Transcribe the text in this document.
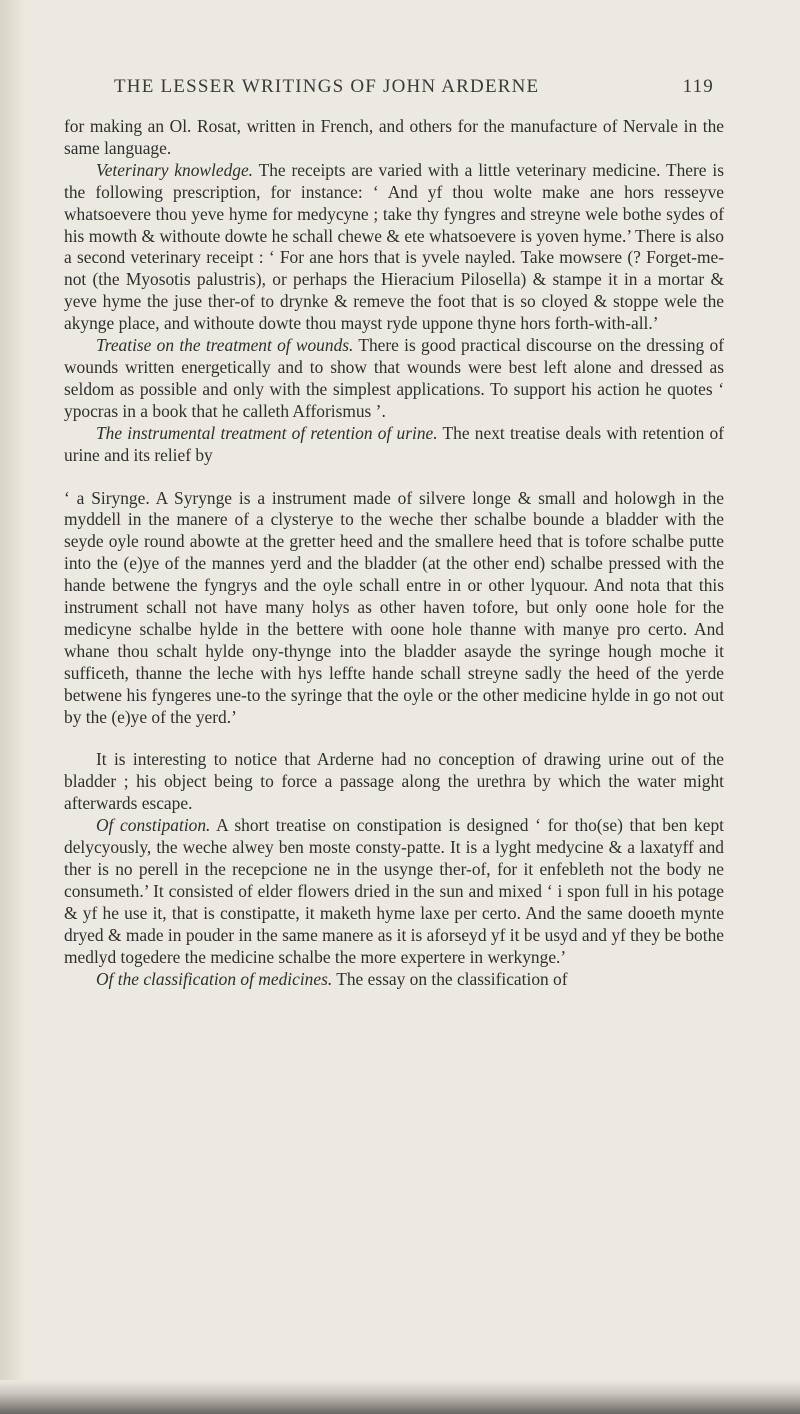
THE LESSER WRITINGS OF JOHN ARDERNE	119

for making an Ol. Rosat, written in French, and others for the manufacture of Nervale in the same language.

Veterinary knowledge. The receipts are varied with a little veterinary medicine. There is the following prescription, for instance: ‘ And yf thou wolte make ane hors resseyve whatsoevere thou yeve hyme for medycyne ; take thy fyngres and streyne wele bothe sydes of his mowth & withoute dowte he schall chewe & ete whatsoevere is yoven hyme.’ There is also a second veterinary receipt : ‘ For ane hors that is yvele nayled. Take mowsere (? Forget-me-not (the Myosotis palustris), or perhaps the Hieracium Pilosella) & stampe it in a mortar & yeve hyme the juse ther-of to drynke & remeve the foot that is so cloyed & stoppe wele the akynge place, and withoute dowte thou mayst ryde uppone thyne hors forth-with-all.’

Treatise on the treatment of wounds. There is good practical discourse on the dressing of wounds written energetically and to show that wounds were best left alone and dressed as seldom as possible and only with the simplest applications. To support his action he quotes ‘ ypocras in a book that he calleth Afforismus ’.

The instrumental treatment of retention of urine. The next treatise deals with retention of urine and its relief by

‘ a Sirynge. A Syrynge is a instrument made of silvere longe & small and holowgh in the myddell in the manere of a clysterye to the weche ther schalbe bounde a bladder with the seyde oyle round abowte at the gretter heed and the smallere heed that is tofore schalbe putte into the (e)ye of the mannes yerd and the bladder (at the other end) schalbe pressed with the hande betwene the fyngrys and the oyle schall entre in or other lyquour. And nota that this instrument schall not have many holys as other haven tofore, but only oone hole for the medicyne schalbe hylde in the bettere with oone hole thanne with manye pro certo. And whane thou schalt hylde ony-thynge into the bladder asayde the syringe hough moche it sufficeth, thanne the leche with hys leffte hande schall streyne sadly the heed of the yerde betwene his fyngeres une-to the syringe that the oyle or the other medicine hylde in go not out by the (e)ye of the yerd.’

It is interesting to notice that Arderne had no conception of drawing urine out of the bladder ; his object being to force a passage along the urethra by which the water might afterwards escape.

Of constipation. A short treatise on constipation is designed ‘ for tho(se) that ben kept delycyously, the weche alwey ben moste consty-patte. It is a lyght medycine & a laxatyff and ther is no perell in the recepcione ne in the usynge ther-of, for it enfebleth not the body ne consumeth.’ It consisted of elder flowers dried in the sun and mixed ‘ i spon full in his potage & yf he use it, that is constipatte, it maketh hyme laxe per certo. And the same dooeth mynte dryed & made in pouder in the same manere as it is aforseyd yf it be usyd and yf they be bothe medlyd togedere the medicine schalbe the more expertere in werkynge.’

Of the classification of medicines. The essay on the classification of
